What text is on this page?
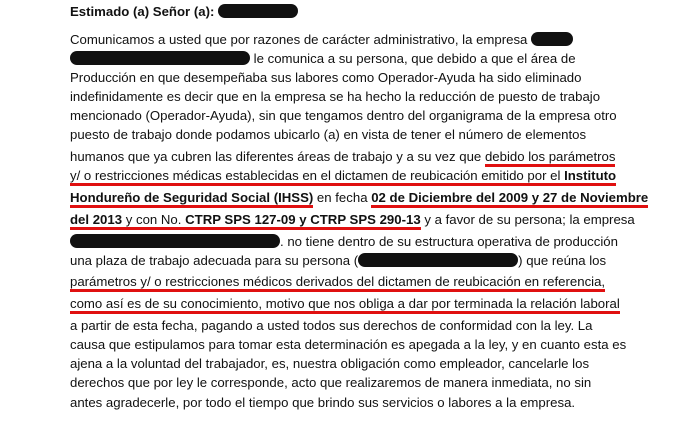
Estimado (a) Señor (a):
Comunicamos a usted que por razones de carácter administrativo, la empresa
le comunica a su persona, que debido a que el área de
Producción en que desempeñaba sus labores como Operador-Ayuda ha sido eliminado
indefinidamente es decir que en la empresa se ha hecho la reducción de puesto de trabajo
mencionado (Operador-Ayuda), sin que tengamos dentro del organigrama de la empresa otro
puesto de trabajo donde podamos ubicarlo (a) en vista de tener el número de elementos
humanos que ya cubren las diferentes áreas de trabajo y a su vez que debido los parámetros
y/ o restricciones médicas establecidas en el dictamen de reubicación emitido por el Instituto
Hondureño de Seguridad Social (IHSS) en fecha 02 de Diciembre del 2009 y 27 de Noviembre
del 2013 y con No. CTRP SPS 127-09 y CTRP SPS 290-13 y a favor de su persona; la empresa
. no tiene dentro de su estructura operativa de producción
una plaza de trabajo adecuada para su persona (	) que reúna los
parámetros y/ o restricciones médicos derivados del dictamen de reubicación en referencia,
como así es de su conocimiento, motivo que nos obliga a dar por terminada la relación laboral
a partir de esta fecha, pagando a usted todos sus derechos de conformidad con la ley. La
causa que estipulamos para tomar esta determinación es apegada a la ley, y en cuanto esta es
ajena a la voluntad del trabajador, es, nuestra obligación como empleador, cancelarle los
derechos que por ley le corresponde, acto que realizaremos de manera inmediata, no sin
antes agradecerle, por todo el tiempo que brindo sus servicios o labores a la empresa.
